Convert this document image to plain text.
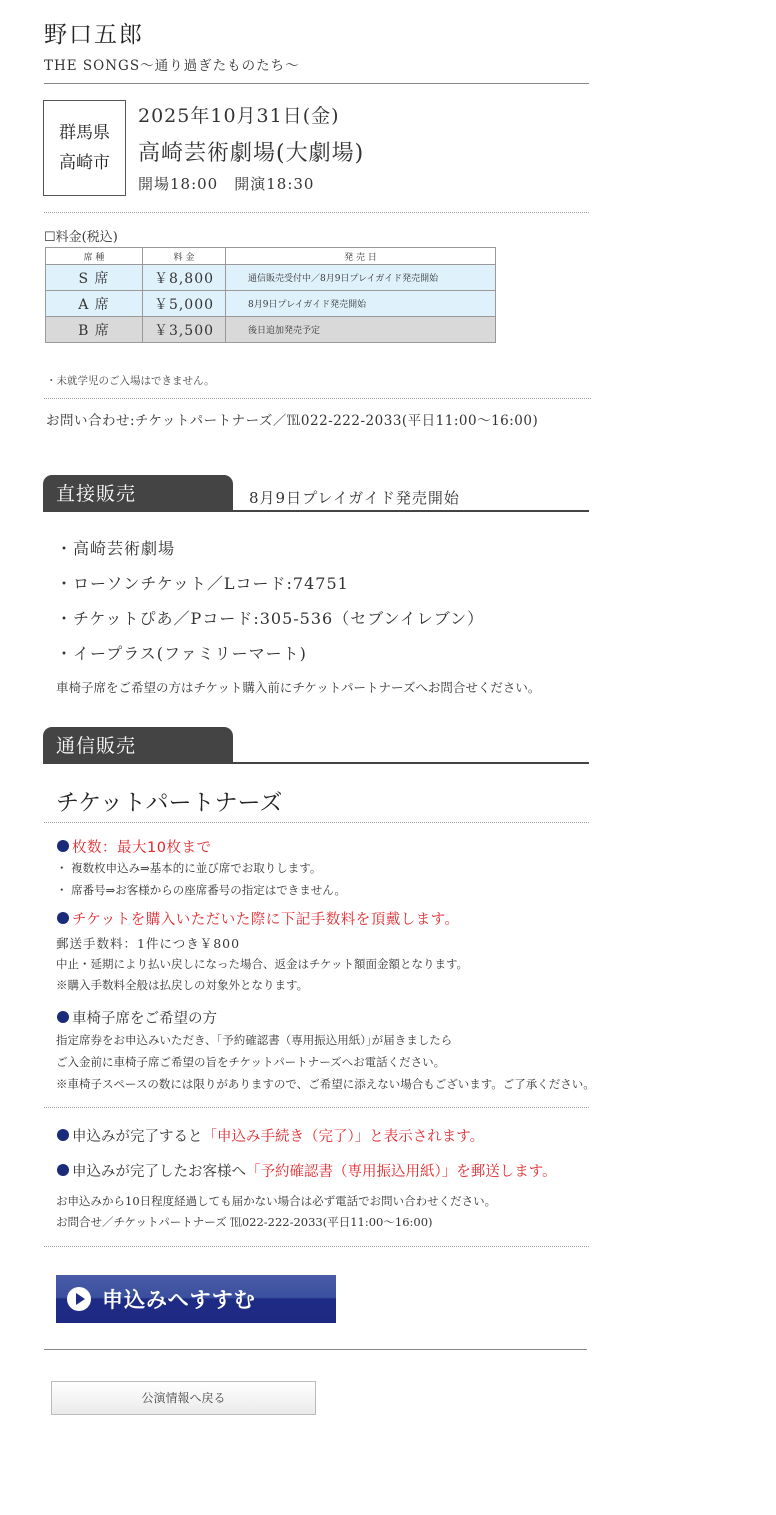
野口五郎
THE SONGS～通り過ぎたものたち～
群馬県
高崎市
2025年10月31日(金)
高崎芸術劇場(大劇場)
開場18:00　開演18:30
☐料金(税込)
席 種	料 金	発 売 日
S 席	￥8,800	通信販売受付中／8月9日プレイガイド発売開始
A 席	￥5,000	8月9日プレイガイド発売開始
B 席	￥3,500	後日追加発売予定
・未就学児のご入場はできません。
お問い合わせ:チケットパートナーズ／℡022-222-2033(平日11:00～16:00)
直接販売	8月9日プレイガイド発売開始
・高崎芸術劇場
・ローソンチケット／Lコード:74751
・チケットぴあ／Pコード:305-536（セブンイレブン）
・イープラス(ファミリーマート)
車椅子席をご希望の方はチケット購入前にチケットパートナーズへお問合せください。
通信販売
チケットパートナーズ
枚数：最大10枚まで
・ 複数枚申込み⇒基本的に並び席でお取りします。
・ 席番号⇒お客様からの座席番号の指定はできません。
チケットを購入いただいた際に下記手数料を頂戴します。
郵送手数料：1件につき￥800
中止・延期により払い戻しになった場合、返金はチケット額面金額となります。
※購入手数料全般は払戻しの対象外となります。
車椅子席をご希望の方
指定席券をお申込みいただき、｢予約確認書（専用振込用紙）｣が届きましたら
ご入金前に車椅子席ご希望の旨をチケットパートナーズへお電話ください。
※車椅子スペースの数には限りがありますので、ご希望に添えない場合もございます。ご了承ください。
申込みが完了すると「申込み手続き（完了）」と表示されます。
申込みが完了したお客様へ「予約確認書（専用振込用紙）」を郵送します。
お申込みから10日程度経過しても届かない場合は必ず電話でお問い合わせください。
お問合せ／チケットパートナーズ ℡022-222-2033(平日11:00～16:00)
申込みへすすむ
公演情報へ戻る
